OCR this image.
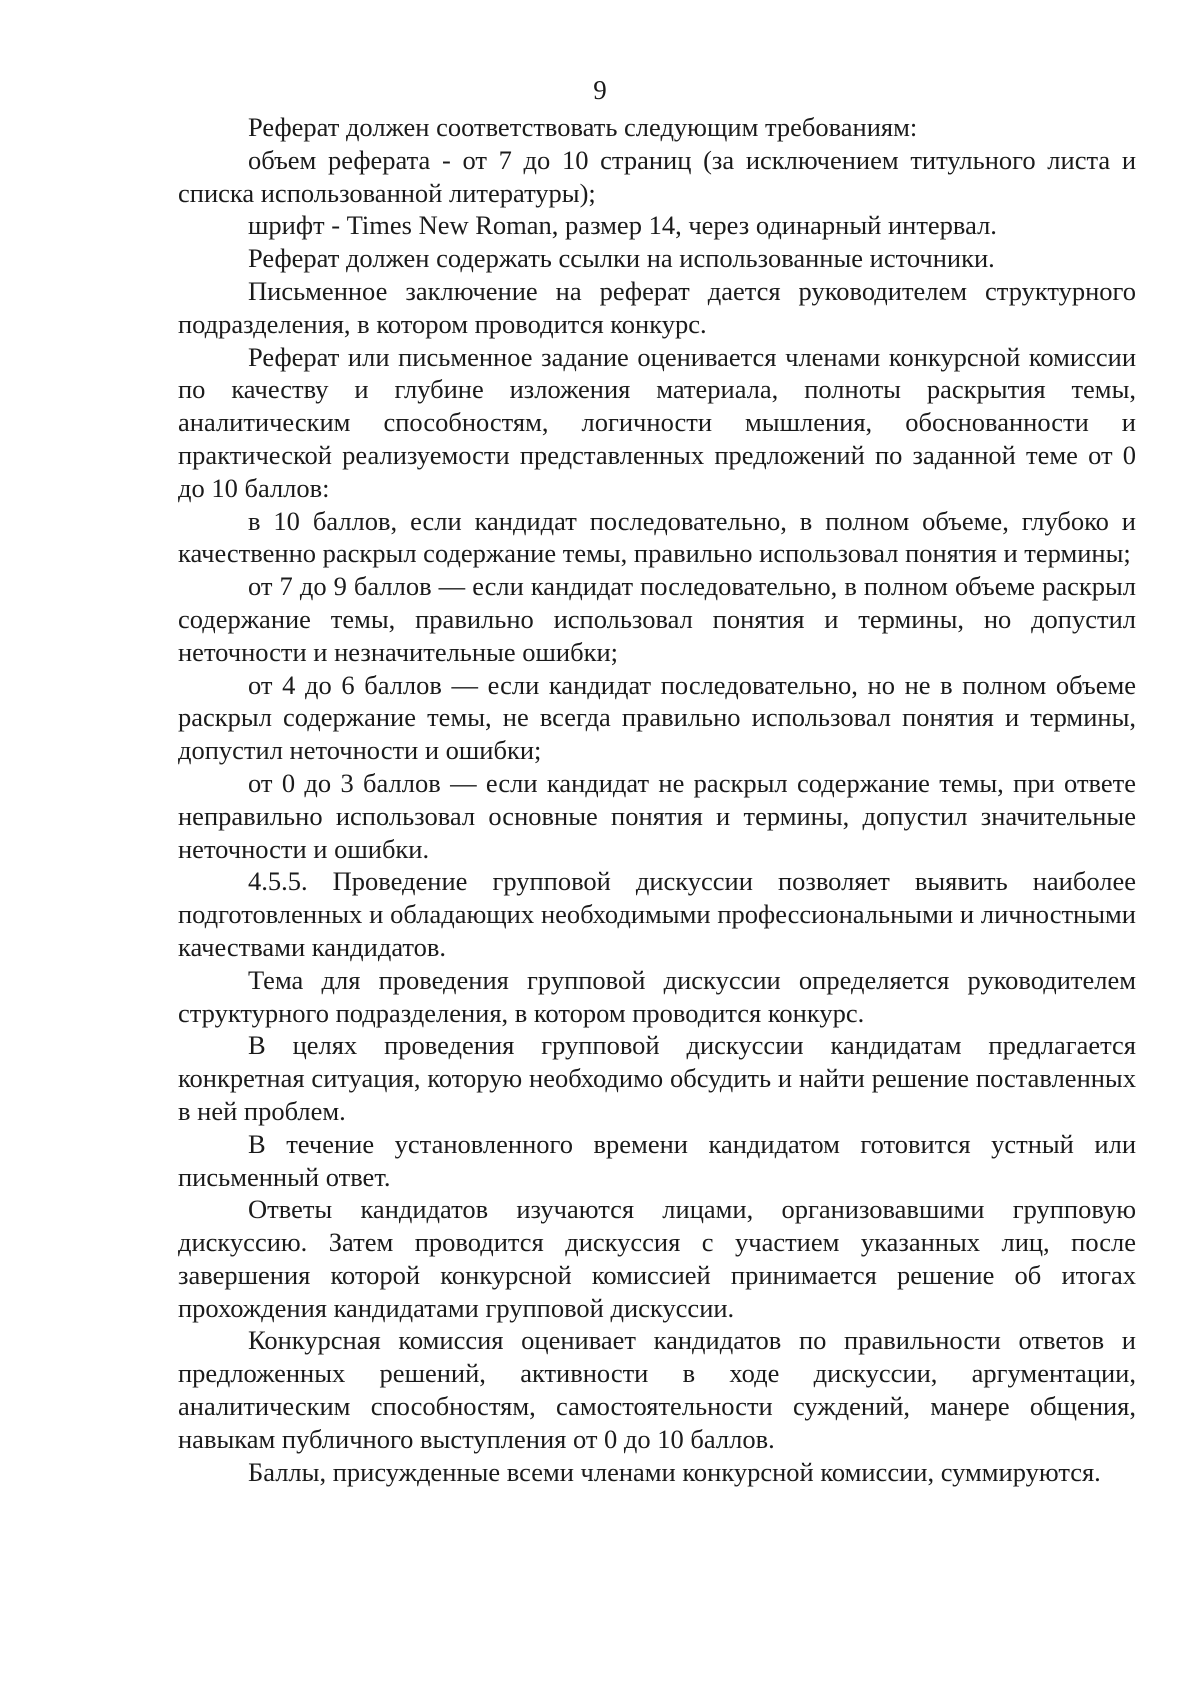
9

Реферат должен соответствовать следующим требованиям:

объем реферата - от 7 до 10 страниц (за исключением титульного листа и списка использованной литературы);

шрифт - Times New Roman, размер 14, через одинарный интервал.

Реферат должен содержать ссылки на использованные источники.

Письменное заключение на реферат дается руководителем структурного подразделения, в котором проводится конкурс.

Реферат или письменное задание оценивается членами конкурсной комиссии по качеству и глубине изложения материала, полноты раскрытия темы, аналитическим способностям, логичности мышления, обоснованности и практической реализуемости представленных предложений по заданной теме от 0 до 10 баллов:

в 10 баллов, если кандидат последовательно, в полном объеме, глубоко и качественно раскрыл содержание темы, правильно использовал понятия и термины;

от 7 до 9 баллов — если кандидат последовательно, в полном объеме раскрыл содержание темы, правильно использовал понятия и термины, но допустил неточности и незначительные ошибки;

от 4 до 6 баллов — если кандидат последовательно, но не в полном объеме раскрыл содержание темы, не всегда правильно использовал понятия и термины, допустил неточности и ошибки;

от 0 до 3 баллов — если кандидат не раскрыл содержание темы, при ответе неправильно использовал основные понятия и термины, допустил значительные неточности и ошибки.

4.5.5. Проведение групповой дискуссии позволяет выявить наиболее подготовленных и обладающих необходимыми профессиональными и личностными качествами кандидатов.

Тема для проведения групповой дискуссии определяется руководителем структурного подразделения, в котором проводится конкурс.

В целях проведения групповой дискуссии кандидатам предлагается конкретная ситуация, которую необходимо обсудить и найти решение поставленных в ней проблем.

В течение установленного времени кандидатом готовится устный или письменный ответ.

Ответы кандидатов изучаются лицами, организовавшими групповую дискуссию. Затем проводится дискуссия с участием указанных лиц, после завершения которой конкурсной комиссией принимается решение об итогах прохождения кандидатами групповой дискуссии.

Конкурсная комиссия оценивает кандидатов по правильности ответов и предложенных решений, активности в ходе дискуссии, аргументации, аналитическим способностям, самостоятельности суждений, манере общения, навыкам публичного выступления от 0 до 10 баллов.

Баллы, присужденные всеми членами конкурсной комиссии, суммируются.
